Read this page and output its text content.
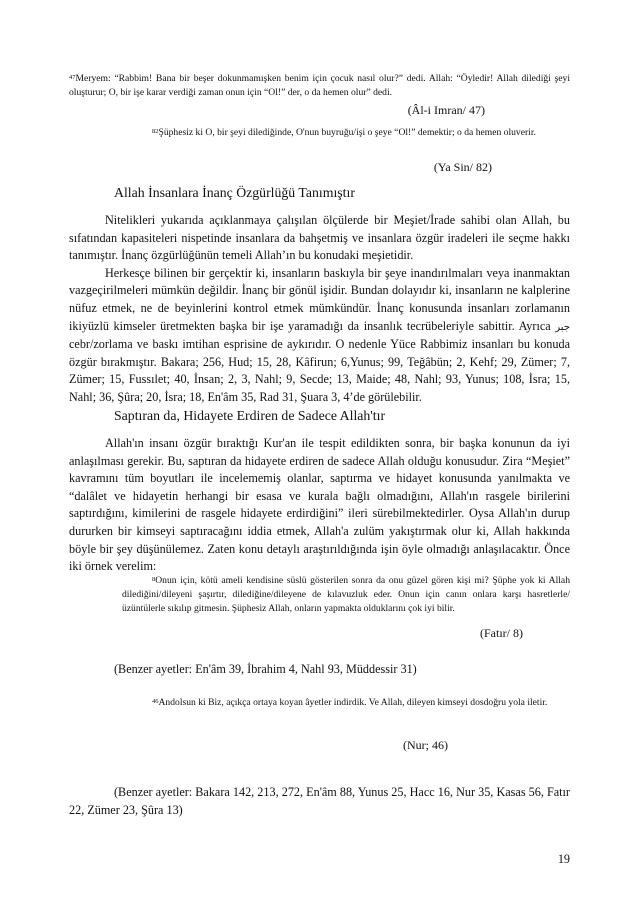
$^{47}$Meryem: “Rabbim! Bana bir beşer dokunmamışken benim için çocuk nasıl olur?” dedi. Allah: “Öyledir! Allah dilediği şeyi oluşturur; O, bir işe karar verdiği zaman onun için “Ol!” der, o da hemen olur” dedi.

(Âl-i Imran/ 47)

$^{82}$Şüphesiz ki O, bir şeyi dilediğinde, O'nun buyruğu/işi o şeye “Ol!” demektir; o da hemen oluverir.

(Ya Sin/ 82)

Allah İnsanlara İnanç Özgürlüğü Tanımıştır

Nitelikleri yukarıda açıklanmaya çalışılan ölçülerde bir Meşiet/İrade sahibi olan Allah, bu sıfatından kapasiteleri nispetinde insanlara da bahşetmiş ve insanlara özgür iradeleri ile seçme hakkı tanımıştır. İnanç özgürlüğünün temeli Allah’ın bu konudaki meşietidir.

Herkesçe bilinen bir gerçektir ki, insanların baskıyla bir şeye inandırılmaları veya inanmaktan vazgeçirilmeleri mümkün değildir. İnanç bir gönül işidir. Bundan dolayıdır ki, insanların ne kalplerine nüfuz etmek, ne de beyinlerini kontrol etmek mümkündür. İnanç konusunda insanları zorlamanın ikiyüzlü kimseler üretmekten başka bir işe yaramadığı da insanlık tecrübeleriyle sabittir. Ayrıca جبر cebr/zorlama ve baskı imtihan esprisine de aykırıdır. O nedenle Yüce Rabbimiz insanları bu konuda özgür bırakmıştır. Bakara; 256, Hud; 15, 28, Kâfirun; 6,Yunus; 99, Teğâbün; 2, Kehf; 29, Zümer; 7, Zümer; 15, Fussılet; 40, İnsan; 2, 3, Nahl; 9, Secde; 13, Maide; 48, Nahl; 93, Yunus; 108, İsra; 15, Nahl; 36, Şûra; 20, İsra; 18, En'âm 35, Rad 31, Şuara 3, 4’de görülebilir.

Saptıran da, Hidayete Erdiren de Sadece Allah'tır

Allah'ın insanı özgür bıraktığı Kur'an ile tespit edildikten sonra, bir başka konunun da iyi anlaşılması gerekir. Bu, saptıran da hidayete erdiren de sadece Allah olduğu konusudur. Zira “Meşiet” kavramını tüm boyutları ile incelememiş olanlar, saptırma ve hidayet konusunda yanılmakta ve “dalâlet ve hidayetin herhangi bir esasa ve kurala bağlı olmadığını, Allah'ın rasgele birilerini saptırdığını, kimilerini de rasgele hidayete erdirdiğini” ileri sürebilmektedirler. Oysa Allah'ın durup dururken bir kimseyi saptıracağını iddia etmek, Allah'a zulüm yakıştırmak olur ki, Allah hakkında böyle bir şey düşünülemez. Zaten konu detaylı araştırıldığında işin öyle olmadığı anlaşılacaktır. Önce iki örnek verelim:

$^8$Onun için, kötü ameli kendisine süslü gösterilen sonra da onu güzel gören kişi mi? Şüphe yok ki Allah dilediğini/dileyeni şaşırtır, dilediğine/dileyene de kılavuzluk eder. Onun için canın onlara karşı hasretlerle/ üzüntülerle sıkılıp gitmesin. Şüphesiz Allah, onların yapmakta olduklarını çok iyi bilir.

(Fatır/ 8)

(Benzer ayetler: En'âm 39, İbrahim 4, Nahl 93, Müddessir 31)

$^{46}$Andolsun ki Biz, açıkça ortaya koyan âyetler indirdik. Ve Allah, dileyen kimseyi dosdoğru yola iletir.

(Nur; 46)

(Benzer ayetler: Bakara 142, 213, 272, En'âm 88, Yunus 25, Hacc 16, Nur 35, Kasas 56, Fatır 22, Zümer 23, Şûra 13)

19
